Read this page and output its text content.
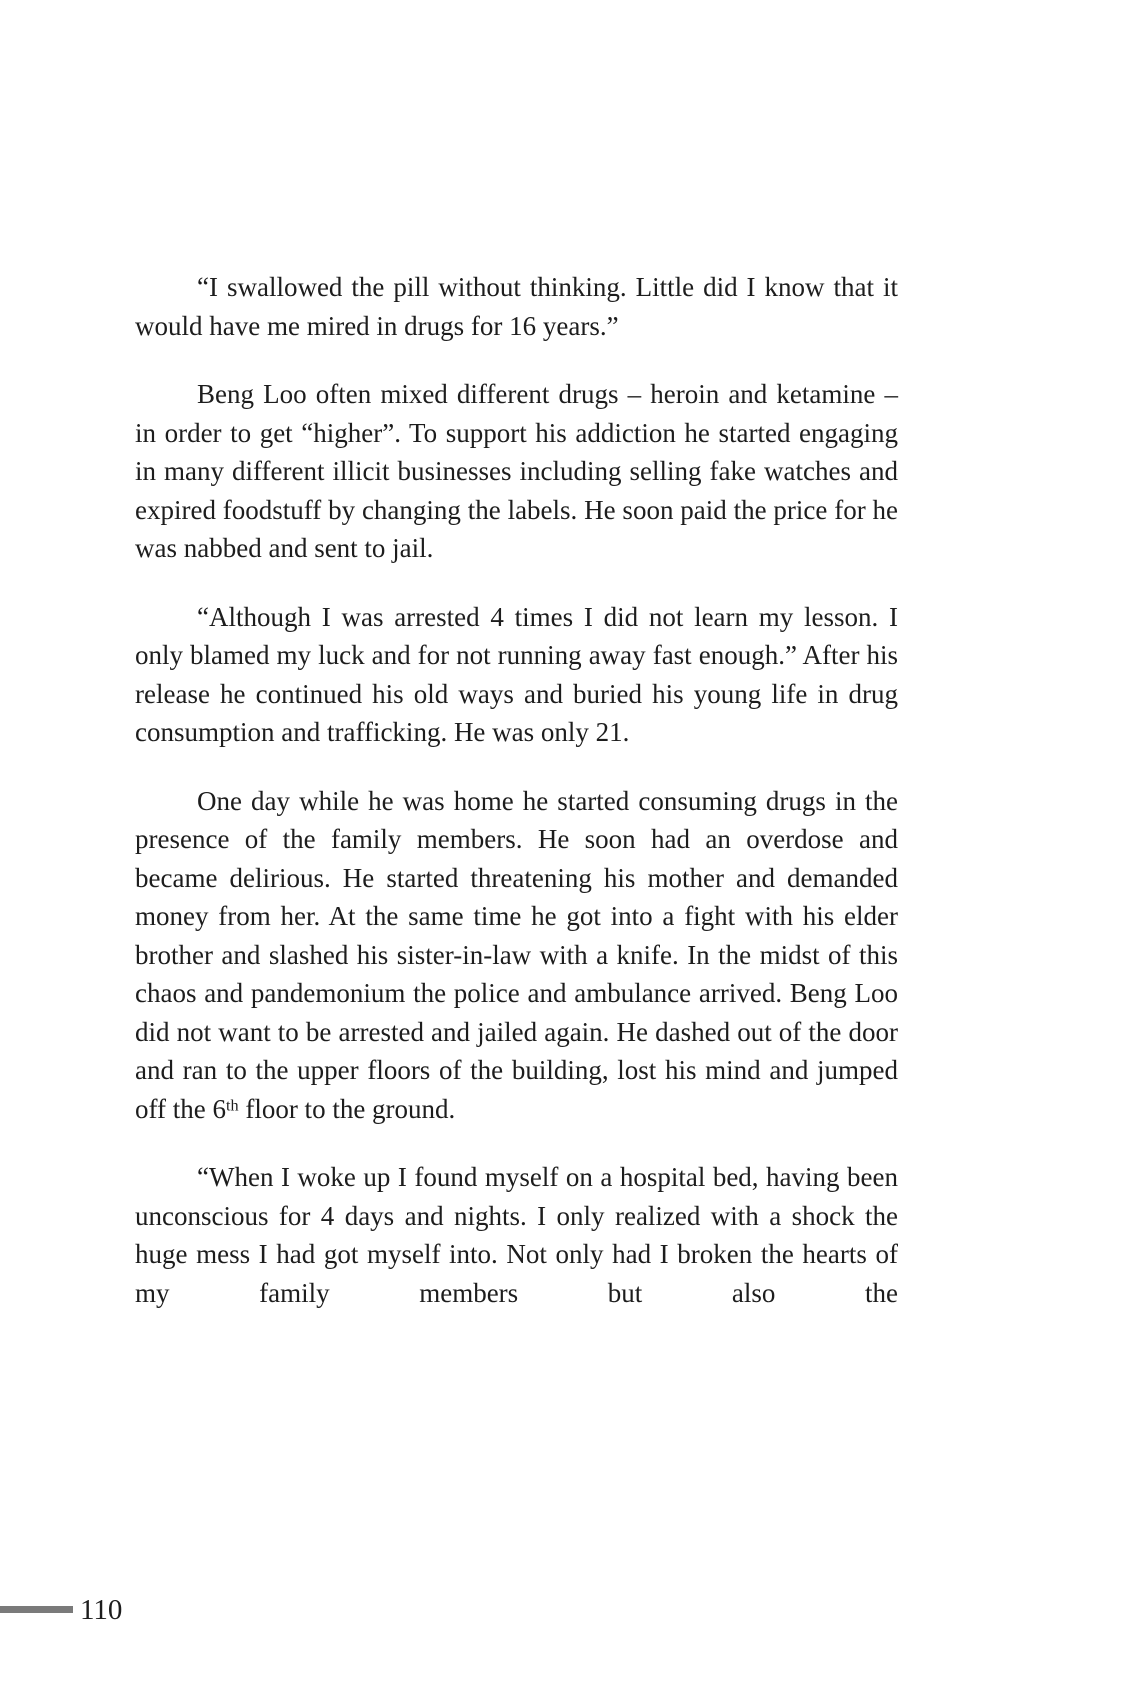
“I swallowed the pill without thinking. Little did I know that it would have me mired in drugs for 16 years.”

Beng Loo often mixed different drugs – heroin and ketamine – in order to get “higher”. To support his addiction he started engaging in many different illicit businesses including selling fake watches and expired foodstuff by changing the labels. He soon paid the price for he was nabbed and sent to jail.

“Although I was arrested 4 times I did not learn my lesson. I only blamed my luck and for not running away fast enough.” After his release he continued his old ways and buried his young life in drug consumption and trafficking. He was only 21.

One day while he was home he started consuming drugs in the presence of the family members. He soon had an overdose and became delirious. He started threatening his mother and demanded money from her. At the same time he got into a fight with his elder brother and slashed his sister-in-law with a knife. In the midst of this chaos and pandemonium the police and ambulance arrived. Beng Loo did not want to be arrested and jailed again. He dashed out of the door and ran to the upper floors of the building, lost his mind and jumped off the 6th floor to the ground.

“When I woke up I found myself on a hospital bed, having been unconscious for 4 days and nights. I only realized with a shock the huge mess I had got myself into. Not only had I broken the hearts of my family members but also the

110
